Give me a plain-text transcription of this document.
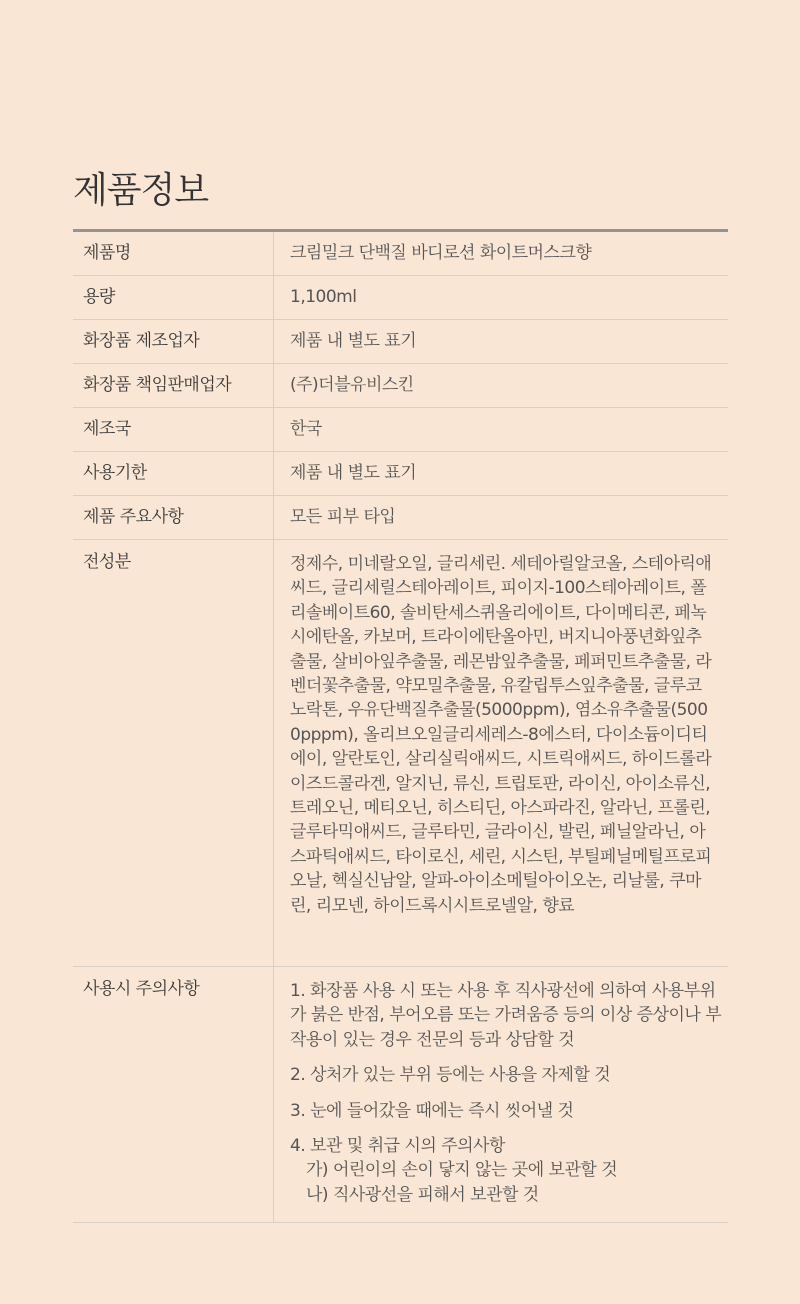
제품정보
제품명	크림밀크 단백질 바디로션 화이트머스크향
용량	1,100ml
화장품 제조업자	제품 내 별도 표기
화장품 책임판매업자	(주)더블유비스킨
제조국	한국
사용기한	제품 내 별도 표기
제품 주요사항	모든 피부 타입
전성분	정제수, 미네랄오일, 글리세린. 세테아릴알코올, 스테아릭애씨드, 글리세릴스테아레이트, 피이지-100스테아레이트, 폴리솔베이트60, 솔비탄세스퀴올리에이트, 다이메티콘, 페녹시에탄올, 카보머, 트라이에탄올아민, 버지니아풍년화잎추출물, 살비아잎추출물, 레몬밤잎추출물, 페퍼민트추출물, 라벤더꽃추출물, 약모밀추출물, 유칼립투스잎추출물, 글루코노락톤, 우유단백질추출물(5000ppm), 염소유추출물(5000pppm), 올리브오일글리세레스-8에스터, 다이소듐이디티에이, 알란토인, 살리실릭애씨드, 시트릭애씨드, 하이드롤라이즈드콜라겐, 알지닌, 류신, 트립토판, 라이신, 아이소류신, 트레오닌, 메티오닌, 히스티딘, 아스파라진, 알라닌, 프롤린, 글루타믹애씨드, 글루타민, 글라이신, 발린, 페닐알라닌, 아스파틱애씨드, 타이로신, 세린, 시스틴, 부틸페닐메틸프로피오날, 헥실신남알, 알파-아이소메틸아이오논, 리날룰, 쿠마린, 리모넨, 하이드록시시트로넬알, 향료

사용시 주의사항	1. 화장품 사용 시 또는 사용 후 직사광선에 의하여 사용부위가 붉은 반점, 부어오름 또는 가려움증 등의 이상 증상이나 부작용이 있는 경우 전문의 등과 상담할 것

2. 상처가 있는 부위 등에는 사용을 자제할 것

3. 눈에 들어갔을 때에는 즉시 씻어낼 것

4. 보관 및 취급 시의 주의사항
가) 어린이의 손이 닿지 않는 곳에 보관할 것
나) 직사광선을 피해서 보관할 것
